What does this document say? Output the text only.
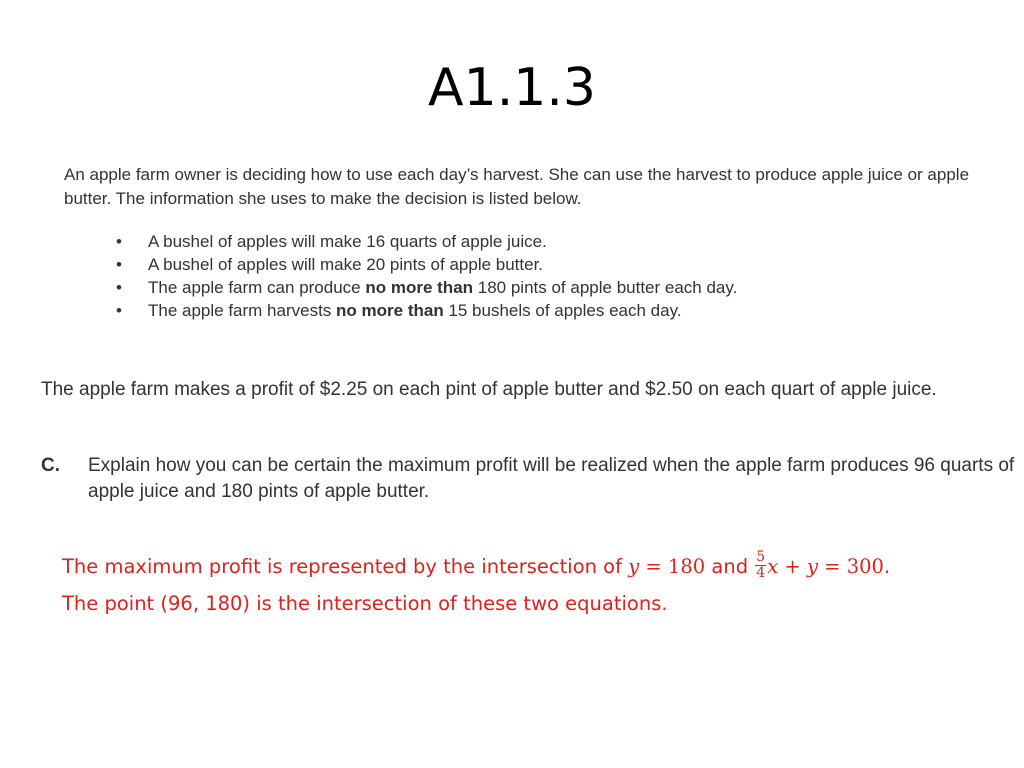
A1.1.3
An apple farm owner is deciding how to use each day’s harvest. She can use the harvest to produce apple juice or apple butter. The information she uses to make the decision is listed below.
• A bushel of apples will make 16 quarts of apple juice.
• A bushel of apples will make 20 pints of apple butter.
• The apple farm can produce no more than 180 pints of apple butter each day.
• The apple farm harvests no more than 15 bushels of apples each day.
The apple farm makes a profit of $2.25 on each pint of apple butter and $2.50 on each quart of apple juice.
C. Explain how you can be certain the maximum profit will be realized when the apple farm produces 96 quarts of apple juice and 180 pints of apple butter.
The maximum profit is represented by the intersection of y = 180 and $\frac{5}{4}$ x + y = 300.
The point (96, 180) is the intersection of these two equations.
